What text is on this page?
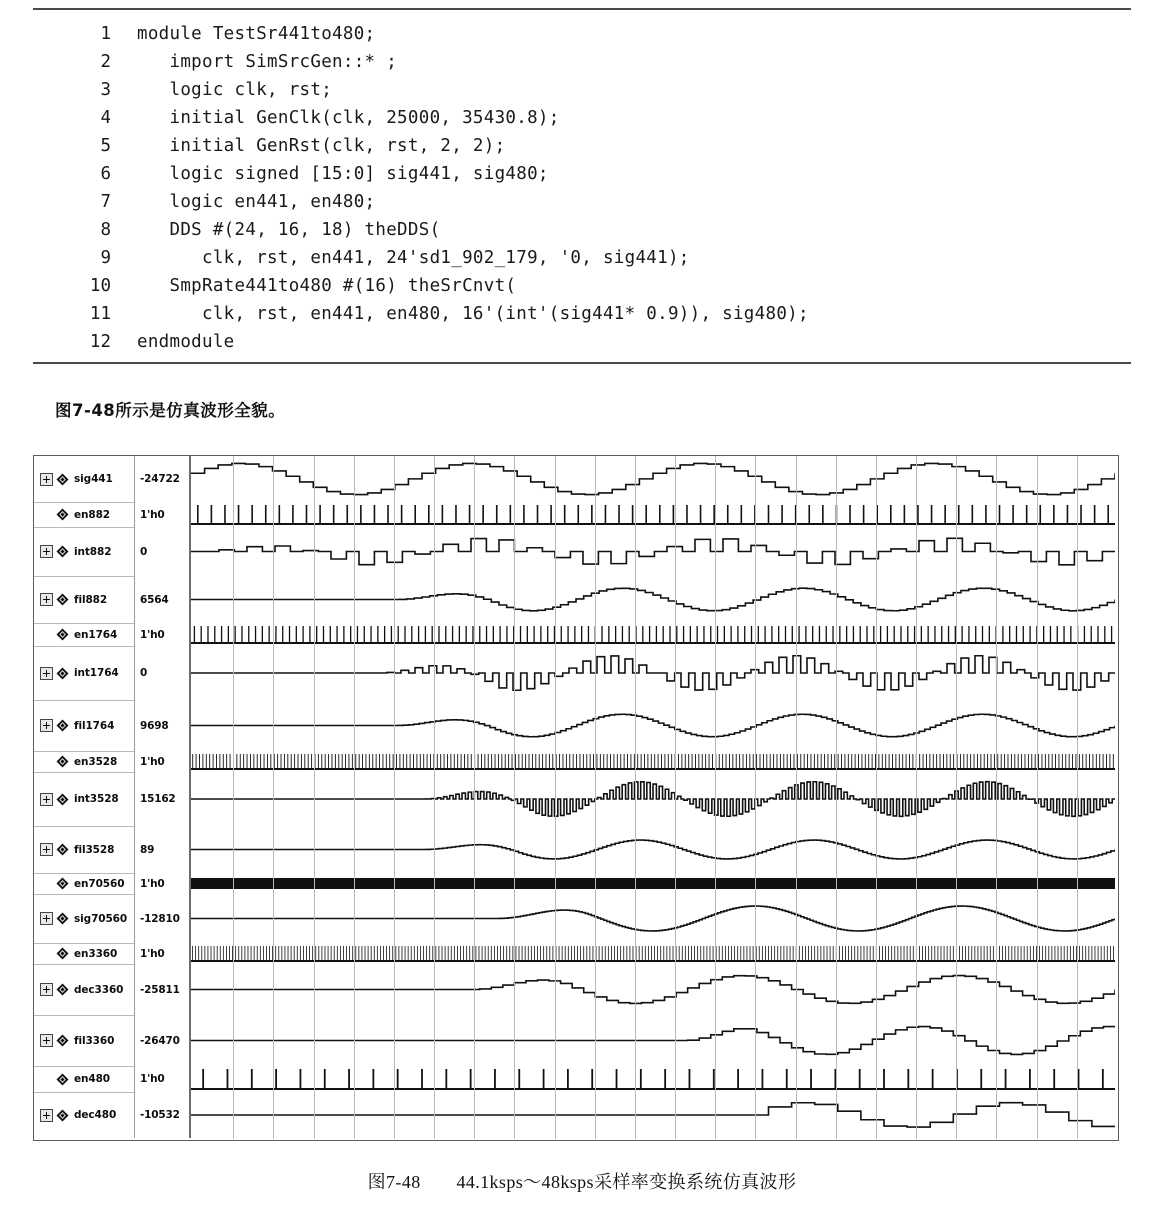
1	module TestSr441to480;
2	import SimSrcGen::* ;
3	logic clk, rst;
4	initial GenClk(clk, 25000, 35430.8);
5	initial GenRst(clk, rst, 2, 2);
6	logic signed [15:0] sig441, sig480;
7	logic en441, en480;
8	DDS #(24, 16, 18) theDDS(
9	clk, rst, en441, 24'sd1_902_179, '0, sig441);
10	SmpRate441to480 #(16) theSrCnvt(
11	clk, rst, en441, en480, 16'(int'(sig441* 0.9)), sig480);
12	endmodule
图7-48所示是仿真波形全貌。
sig441	-24722
en882	1'h0
int882	0
fil882	6564
en1764 1'h0
int1764 0
fil1764 9698
en3528 1'h0
int3528 15162
fil3528 89
en70560 1'h0
sig70560 -12810
en3360 1'h0
dec3360 -25811
fil3360 -26470
en480	1'h0
dec480 -10532
图7-48 44.1ksps～48ksps采样率变换系统仿真波形
